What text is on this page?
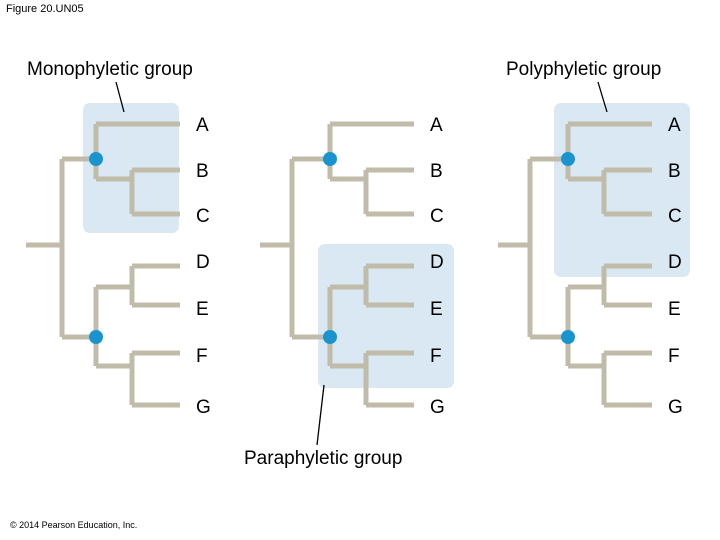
Figure 20.UN05
Monophyletic group	Polyphyletic group
Paraphyletic group
A
B
C
D
E
F
G
A
B
C
D
E
F
G
A
B
C
D
E
F
G
© 2014 Pearson Education, Inc.
